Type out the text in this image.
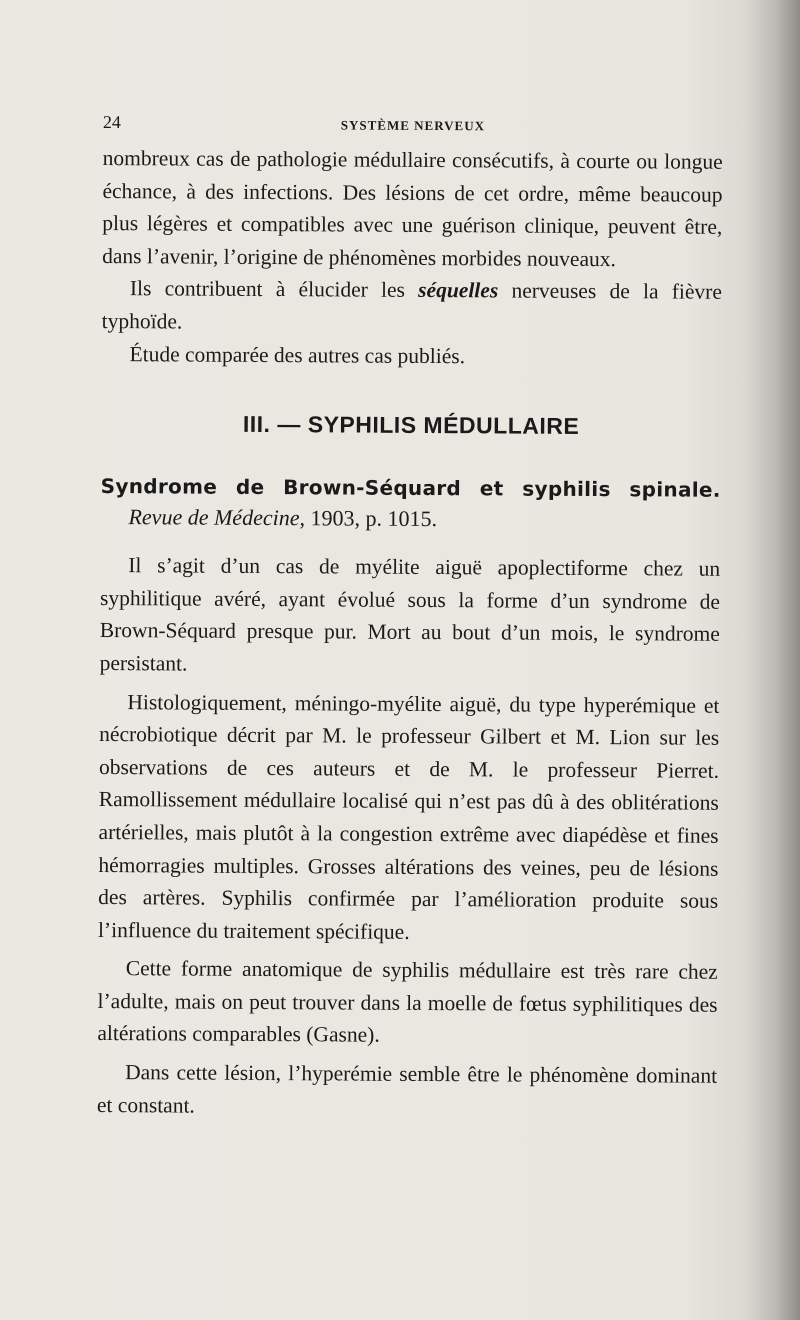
24	SYSTÈME NERVEUX

nombreux cas de pathologie médullaire consécutifs, à courte ou longue échance, à des infections. Des lésions de cet ordre, même beaucoup plus légères et compatibles avec une guérison clinique, peuvent être, dans l’avenir, l’origine de phénomènes morbides nouveaux.

Ils contribuent à élucider les séquelles nerveuses de la fièvre typhoïde.

Étude comparée des autres cas publiés.

III. — SYPHILIS MÉDULLAIRE
Syndrome de Brown-Séquard et syphilis spinale.
Revue de Médecine, 1903, p. 1015.

Il s’agit d’un cas de myélite aiguë apoplectiforme chez un syphilitique avéré, ayant évolué sous la forme d’un syndrome de Brown-Séquard presque pur. Mort au bout d’un mois, le syndrome persistant.

Histologiquement, méningo-myélite aiguë, du type hyperémique et nécrobiotique décrit par M. le professeur Gilbert et M. Lion sur les observations de ces auteurs et de M. le professeur Pierret. Ramollissement médullaire localisé qui n’est pas dû à des oblitérations artérielles, mais plutôt à la congestion extrême avec diapédèse et fines hémorragies multiples. Grosses altérations des veines, peu de lésions des artères. Syphilis confirmée par l’amélioration produite sous l’influence du traitement spécifique.

Cette forme anatomique de syphilis médullaire est très rare chez l’adulte, mais on peut trouver dans la moelle de fœtus syphilitiques des altérations comparables (Gasne).

Dans cette lésion, l’hyperémie semble être le phénomène dominant et constant.
